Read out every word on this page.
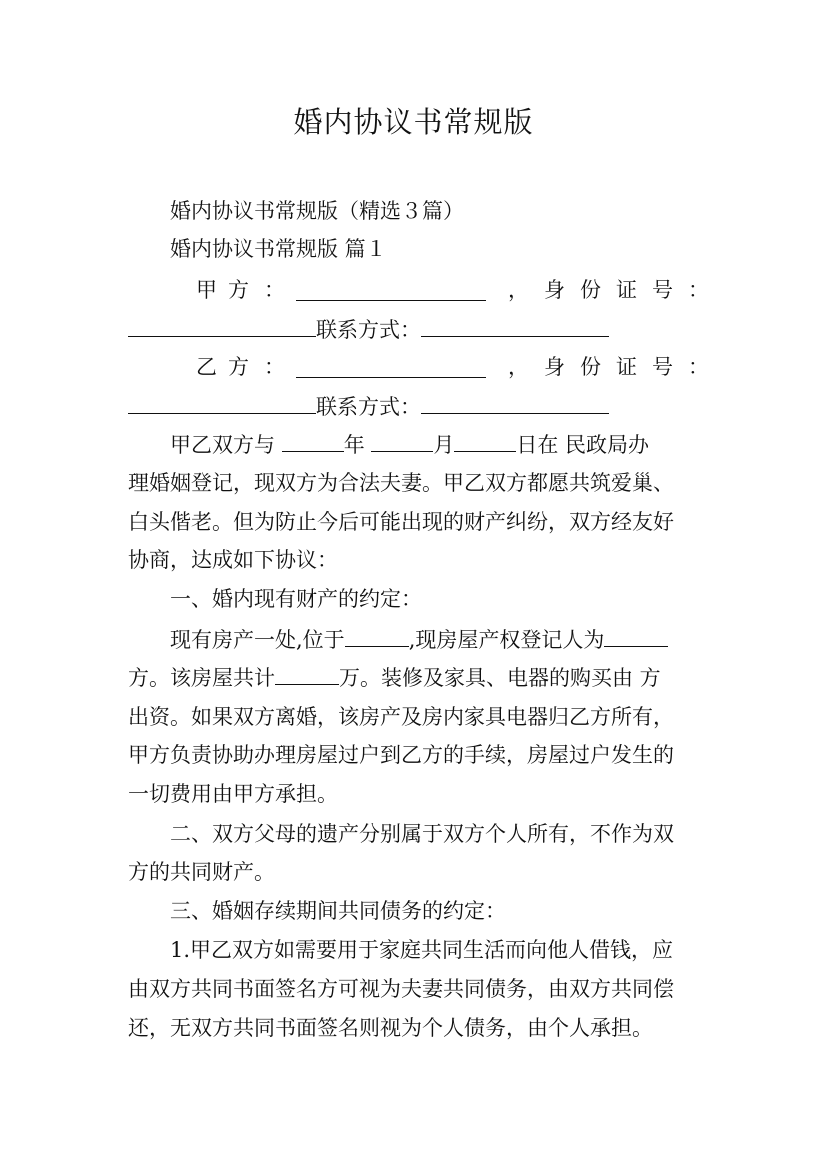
婚内协议书常规版
婚内协议书常规版（精选３篇）
婚内协议书常规版 篇１
甲 方 ：	， 身 份 证 号 ：
联系方式：
乙 方 ：	， 身 份 证 号 ：
联系方式：
甲乙双方与	年	月	日在 民政局办
理婚姻登记，现双方为合法夫妻。甲乙双方都愿共筑爱巢、
白头偕老。但为防止今后可能出现的财产纠纷，双方经友好
协商，达成如下协议：
一、婚内现有财产的约定：
现有房产一处,位于	,现房屋产权登记人为
方。该房屋共计	万。装修及家具、电器的购买由 方
出资。如果双方离婚，该房产及房内家具电器归乙方所有，
甲方负责协助办理房屋过户到乙方的手续，房屋过户发生的
一切费用由甲方承担。
二、双方父母的遗产分别属于双方个人所有，不作为双
方的共同财产。
三、婚姻存续期间共同债务的约定：
1.甲乙双方如需要用于家庭共同生活而向他人借钱，应
由双方共同书面签名方可视为夫妻共同债务，由双方共同偿
还，无双方共同书面签名则视为个人债务，由个人承担。
